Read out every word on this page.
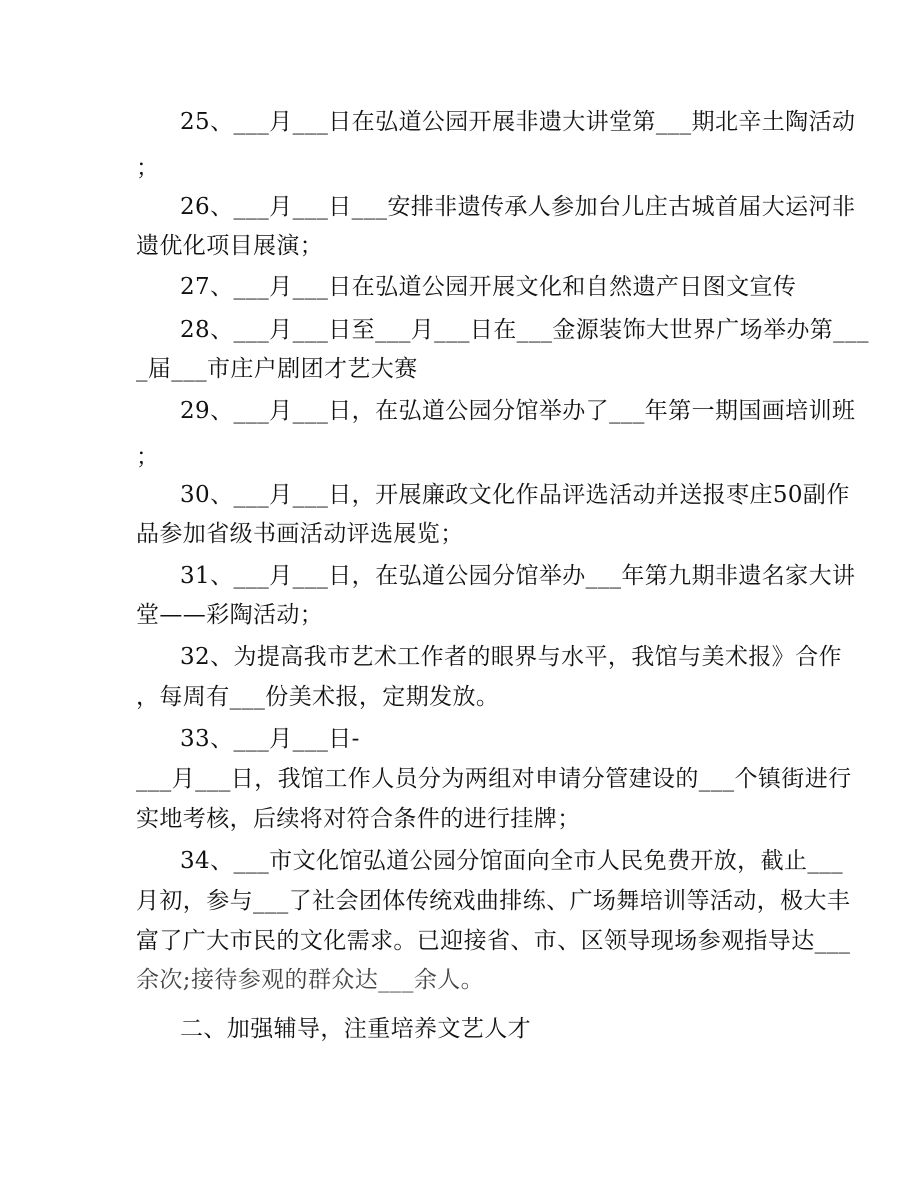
25、___月___日在弘道公园开展非遗大讲堂第___期北辛土陶活动
；
26、___月___日___安排非遗传承人参加台儿庄古城首届大运河非
遗优化项目展演；
27、___月___日在弘道公园开展文化和自然遗产日图文宣传
28、___月___日至___月___日在___金源装饰大世界广场举办第___
_届___市庄户剧团才艺大赛
29、___月___日，在弘道公园分馆举办了___年第一期国画培训班
；
30、___月___日，开展廉政文化作品评选活动并送报枣庄50副作
品参加省级书画活动评选展览；
31、___月___日，在弘道公园分馆举办___年第九期非遗名家大讲
堂——彩陶活动；
32、为提高我市艺术工作者的眼界与水平，我馆与美术报》合作
，每周有___份美术报，定期发放。
33、___月___日-
___月___日，我馆工作人员分为两组对申请分管建设的___个镇街进行
实地考核，后续将对符合条件的进行挂牌；
34、___市文化馆弘道公园分馆面向全市人民免费开放，截止___
月初，参与___了社会团体传统戏曲排练、广场舞培训等活动，极大丰
富了广大市民的文化需求。已迎接省、市、区领导现场参观指导达___
余次;接待参观的群众达___余人。
二、加强辅导，注重培养文艺人才
